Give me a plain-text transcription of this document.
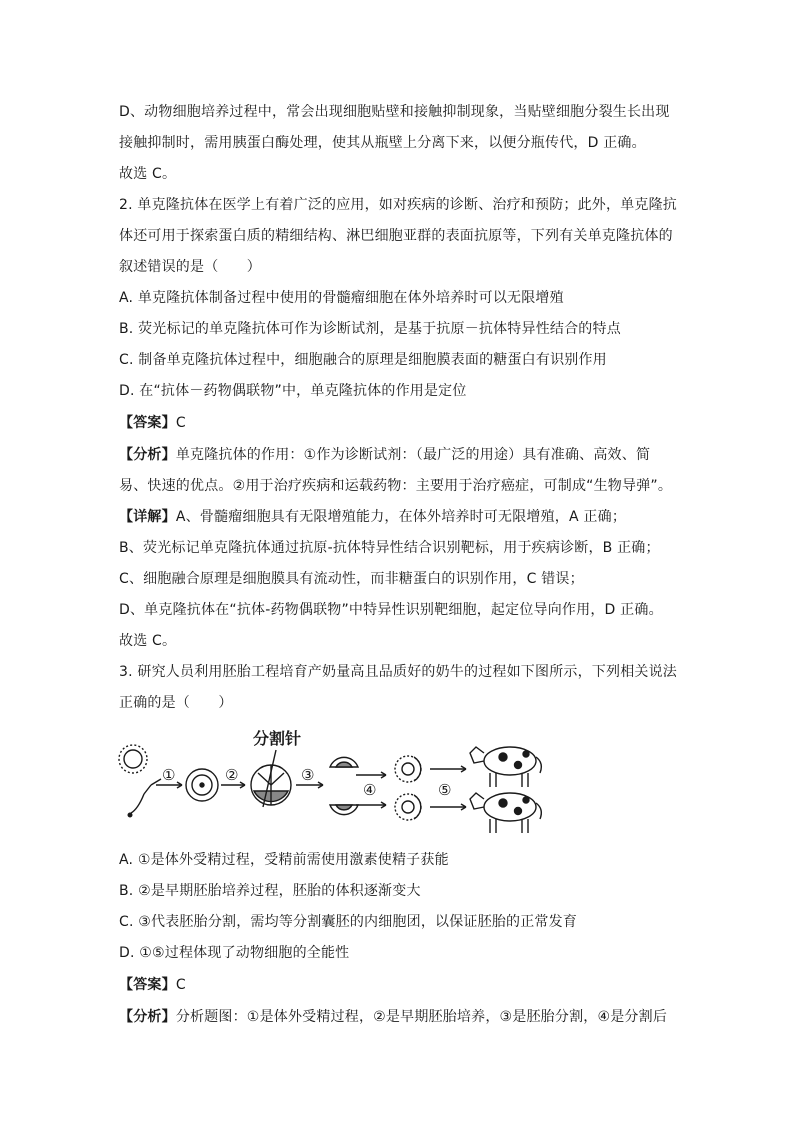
D、动物细胞培养过程中，常会出现细胞贴壁和接触抑制现象，当贴壁细胞分裂生长出现
接触抑制时，需用胰蛋白酶处理，使其从瓶壁上分离下来，以便分瓶传代，D 正确。
故选 C。
2. 单克隆抗体在医学上有着广泛的应用，如对疾病的诊断、治疗和预防；此外，单克隆抗
体还可用于探索蛋白质的精细结构、淋巴细胞亚群的表面抗原等，下列有关单克隆抗体的
叙述错误的是（　　）
A. 单克隆抗体制备过程中使用的骨髓瘤细胞在体外培养时可以无限增殖
B. 荧光标记的单克隆抗体可作为诊断试剂，是基于抗原－抗体特异性结合的特点
C. 制备单克隆抗体过程中，细胞融合的原理是细胞膜表面的糖蛋白有识别作用
D. 在“抗体－药物偶联物”中，单克隆抗体的作用是定位
【答案】C
【分析】单克隆抗体的作用：①作为诊断试剂：（最广泛的用途）具有准确、高效、简
易、快速的优点。②用于治疗疾病和运载药物：主要用于治疗癌症，可制成“生物导弹”。
【详解】A、骨髓瘤细胞具有无限增殖能力，在体外培养时可无限增殖，A 正确；
B、荧光标记单克隆抗体通过抗原-抗体特异性结合识别靶标，用于疾病诊断，B 正确；
C、细胞融合原理是细胞膜具有流动性，而非糖蛋白的识别作用，C 错误；
D、单克隆抗体在“抗体-药物偶联物”中特异性识别靶细胞，起定位导向作用，D 正确。
故选 C。
3. 研究人员利用胚胎工程培育产奶量高且品质好的奶牛的过程如下图所示，下列相关说法
正确的是（　　）
分割针
①	②	③
④	⑤
A. ①是体外受精过程，受精前需使用激素使精子获能
B. ②是早期胚胎培养过程，胚胎的体积逐渐变大
C. ③代表胚胎分割，需均等分割囊胚的内细胞团，以保证胚胎的正常发育
D. ①⑤过程体现了动物细胞的全能性
【答案】C
【分析】分析题图：①是体外受精过程，②是早期胚胎培养，③是胚胎分割，④是分割后
